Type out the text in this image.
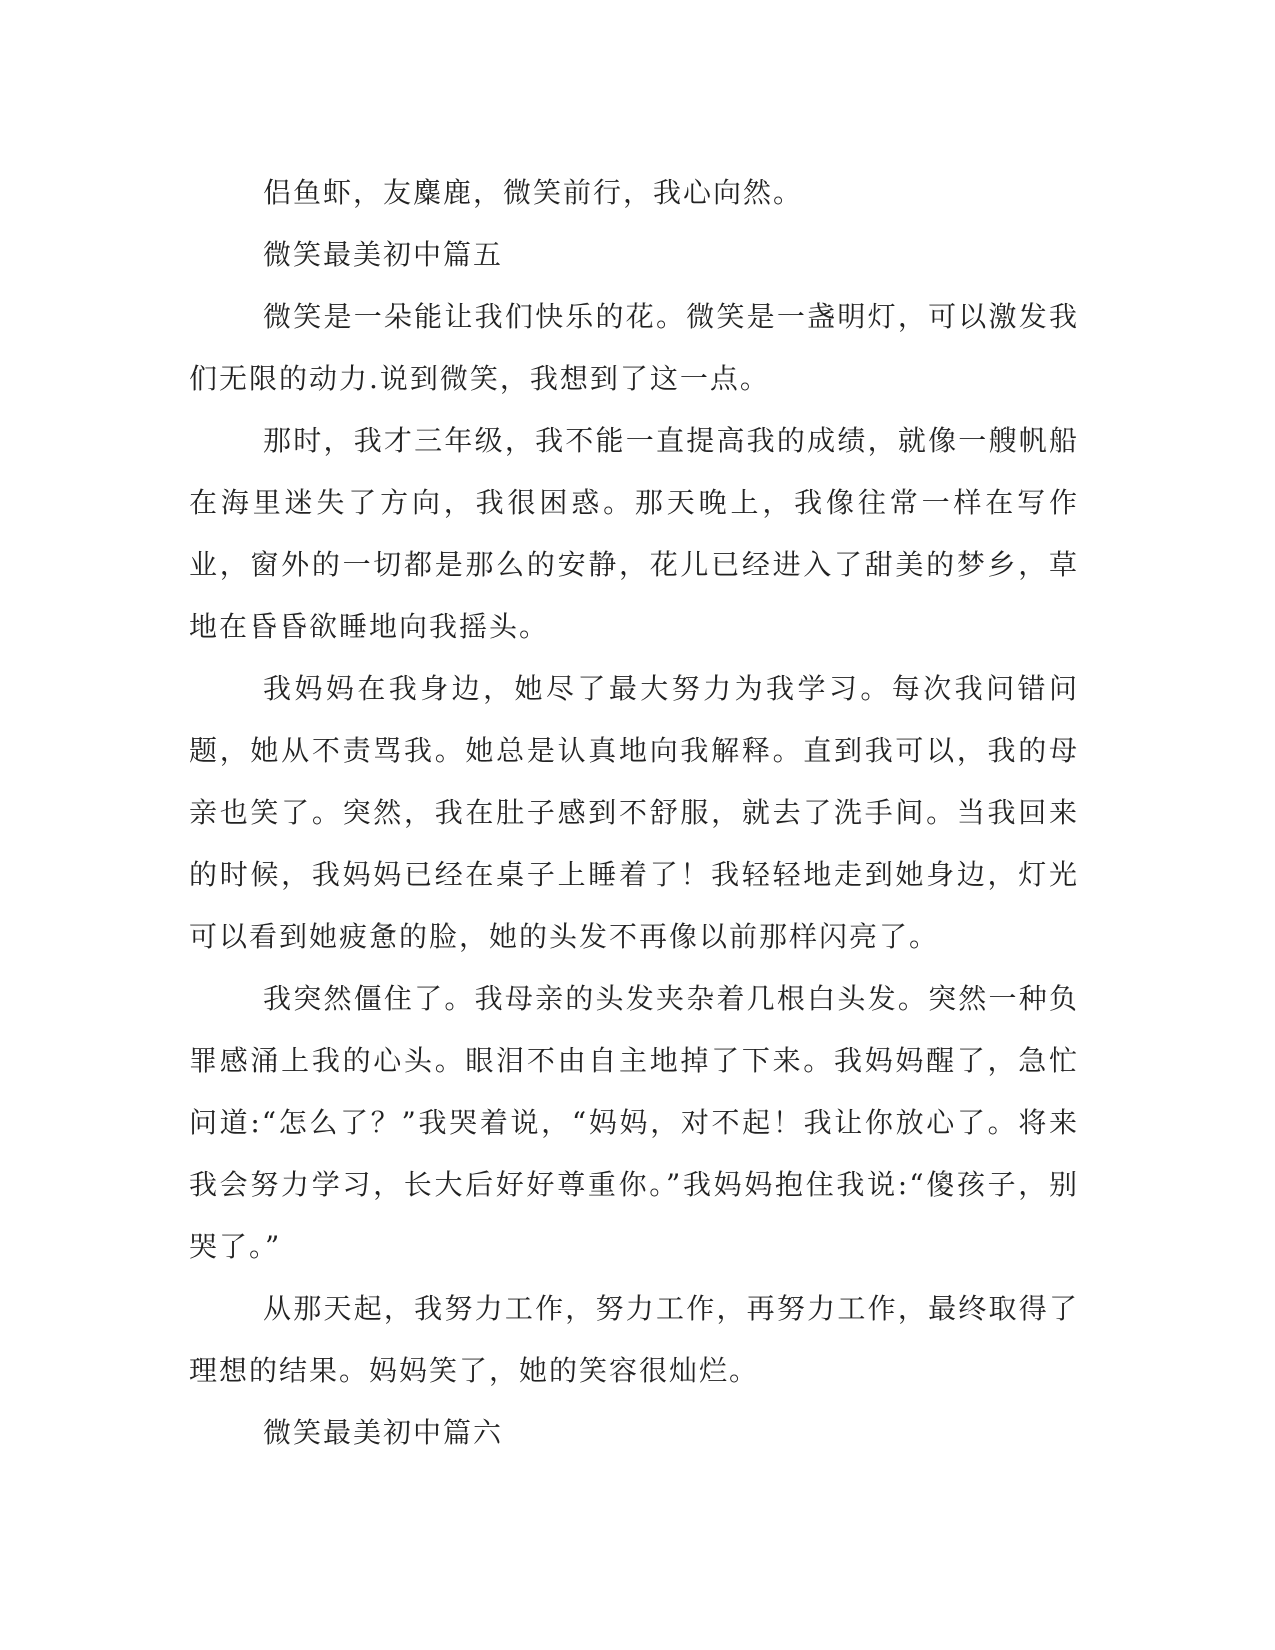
侣鱼虾，友麋鹿，微笑前行，我心向然。

微笑最美初中篇五

微笑是一朵能让我们快乐的花。微笑是一盏明灯，可以激发我们无限的动力.说到微笑，我想到了这一点。

那时，我才三年级，我不能一直提高我的成绩，就像一艘帆船在海里迷失了方向，我很困惑。那天晚上，我像往常一样在写作业，窗外的一切都是那么的安静，花儿已经进入了甜美的梦乡，草地在昏昏欲睡地向我摇头。

我妈妈在我身边，她尽了最大努力为我学习。每次我问错问题，她从不责骂我。她总是认真地向我解释。直到我可以，我的母亲也笑了。突然，我在肚子感到不舒服，就去了洗手间。当我回来的时候，我妈妈已经在桌子上睡着了！我轻轻地走到她身边，灯光可以看到她疲惫的脸，她的头发不再像以前那样闪亮了。

我突然僵住了。我母亲的头发夹杂着几根白头发。突然一种负罪感涌上我的心头。眼泪不由自主地掉了下来。我妈妈醒了，急忙问道:“怎么了？”我哭着说，“妈妈，对不起！我让你放心了。将来我会努力学习，长大后好好尊重你。”我妈妈抱住我说:“傻孩子，别哭了。”

从那天起，我努力工作，努力工作，再努力工作，最终取得了理想的结果。妈妈笑了，她的笑容很灿烂。

微笑最美初中篇六
